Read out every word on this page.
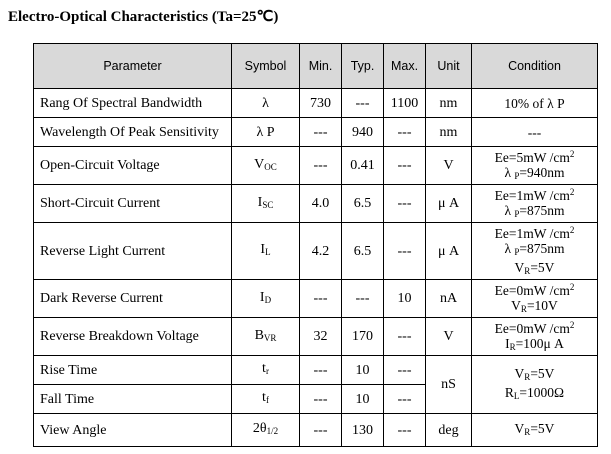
Electro-Optical Characteristics (Ta=25℃)
Parameter	Symbol	Min.	Typ.	Max.	Unit	Condition
Rang Of Spectral Bandwidth	λ	730	---	1100	nm	10% of λ P

Wavelength Of Peak Sensitivity	λ P	---	940	---	nm	---

Open-Circuit Voltage	$V_{OC}$	---	0.41	---	V	Ee=5mW $/cm^2$
λ $_P$=940nm

Short-Circuit Current	$I_{SC}$	4.0	6.5	---	μ A	Ee=1mW $/cm^2$
λ $_P$=875nm

Reverse Light Current	$I_L$	4.2	6.5	---	μ A	Ee=1mW $/cm^2$
λ $_P$=875nm
$V_R=5V$

Dark Reverse Current	$I_D$	---	---	10	nA	Ee=0mW $/cm^2$
$V_R=10V$

Reverse Breakdown Voltage	$B_{VR}$	32	170	---	V	Ee=0mW $/cm^2$
$I_R=100\mu$ A

Rise Time	$t_r$	---	10	---	nS	$V_R=5V$
$R_L=1000\Omega$

Fall Time	$t_f$	---	10	---		
View Angle	$2\theta_{1/2}$	---	130	---	deg	$V_R=5V$
